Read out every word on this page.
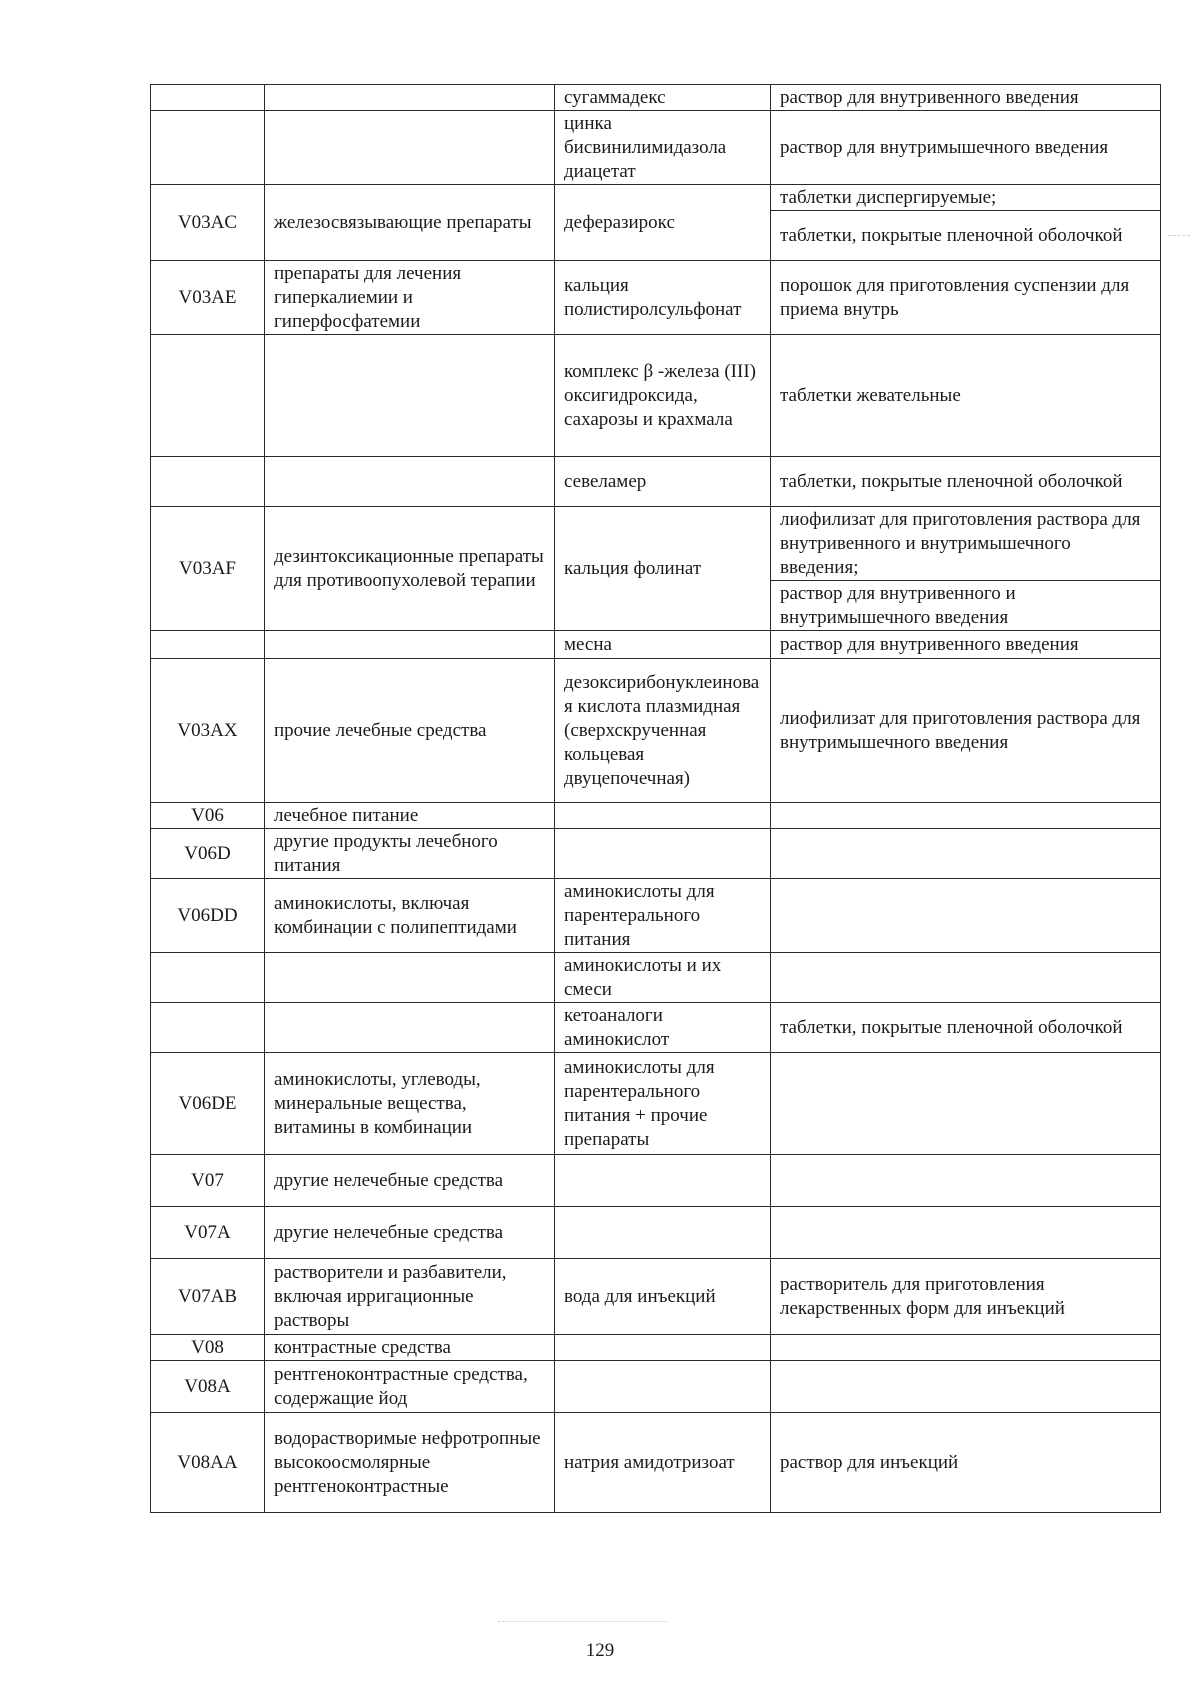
		сугаммадекс	раствор для внутривенного введения
		цинка бисвинилимидазола диацетат	раствор для внутримышечного введения
V03AC	железосвязывающие препараты	деферазирокс	таблетки диспергируемые;
			таблетки, покрытые пленочной оболочкой
V03AE	препараты для лечения гиперкалиемии и гиперфосфатемии	кальция полистиролсульфонат	порошок для приготовления суспензии для приема внутрь
		комплекс β -железа (III) оксигидроксида, сахарозы и крахмала	таблетки жевательные
		севеламер	таблетки, покрытые пленочной оболочкой
V03AF	дезинтоксикационные препараты для противоопухолевой терапии	кальция фолинат	лиофилизат для приготовления раствора для внутривенного и внутримышечного введения;
			раствор для внутривенного и внутримышечного введения
		месна	раствор для внутривенного введения
V03AX	прочие лечебные средства	дезоксирибонуклеиновая кислота плазмидная (сверхскрученная кольцевая двуцепочечная)	лиофилизат для приготовления раствора для внутримышечного введения
V06	лечебное питание		
V06D	другие продукты лечебного питания		
V06DD	аминокислоты, включая комбинации с полипептидами	аминокислоты для парентерального питания	
		аминокислоты и их смеси	
		кетоаналоги аминокислот	таблетки, покрытые пленочной оболочкой
V06DE	аминокислоты, углеводы, минеральные вещества, витамины в комбинации	аминокислоты для парентерального питания + прочие препараты	
V07	другие нелечебные средства		
V07A	другие нелечебные средства		
V07AB	растворители и разбавители, включая ирригационные растворы	вода для инъекций	растворитель для приготовления лекарственных форм для инъекций
V08	контрастные средства		
V08A	рентгеноконтрастные средства, содержащие йод		
V08AA	водорастворимые нефротропные высокоосмолярные рентгеноконтрастные	натрия амидотризоат	раствор для инъекций
129
